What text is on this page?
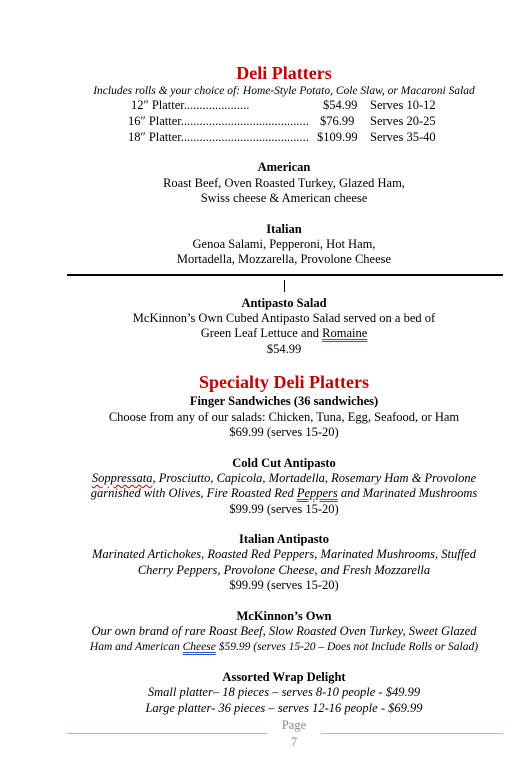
Deli Platters
Includes rolls & your choice of: Home-Style Potato, Cole Slaw, or Macaroni Salad
12″ Platter.....................	$54.99 Serves 10-12
16″ Platter......................................... $76.99 Serves 20-25
18″ Platter......................................... $109.99 Serves 35-40
American
Roast Beef, Oven Roasted Turkey, Glazed Ham,
Swiss cheese & American cheese
Italian
Genoa Salami, Pepperoni, Hot Ham,
Mortadella, Mozzarella, Provolone Cheese
Antipasto Salad
McKinnon’s Own Cubed Antipasto Salad served on a bed of
Green Leaf Lettuce and Romaine
$54.99
Specialty Deli Platters
Finger Sandwiches (36 sandwiches)
Choose from any of our salads: Chicken, Tuna, Egg, Seafood, or Ham
$69.99 (serves 15-20)
Cold Cut Antipasto
Soppressata, Prosciutto, Capicola, Mortadella, Rosemary Ham & Provolone
garnished with Olives, Fire Roasted Red Peppers and Marinated Mushrooms
$99.99 (serves 15-20)
Italian Antipasto
Marinated Artichokes, Roasted Red Peppers, Marinated Mushrooms, Stuffed
Cherry Peppers, Provolone Cheese, and Fresh Mozzarella
$99.99 (serves 15-20)
McKinnon’s Own
Our own brand of rare Roast Beef, Slow Roasted Oven Turkey, Sweet Glazed
Ham and American Cheese $59.99 (serves 15-20 – Does not Include Rolls or Salad)
Assorted Wrap Delight
Small platter– 18 pieces – serves 8-10 people - $49.99
Large platter- 36 pieces – serves 12-16 people - $69.99
Page
7
